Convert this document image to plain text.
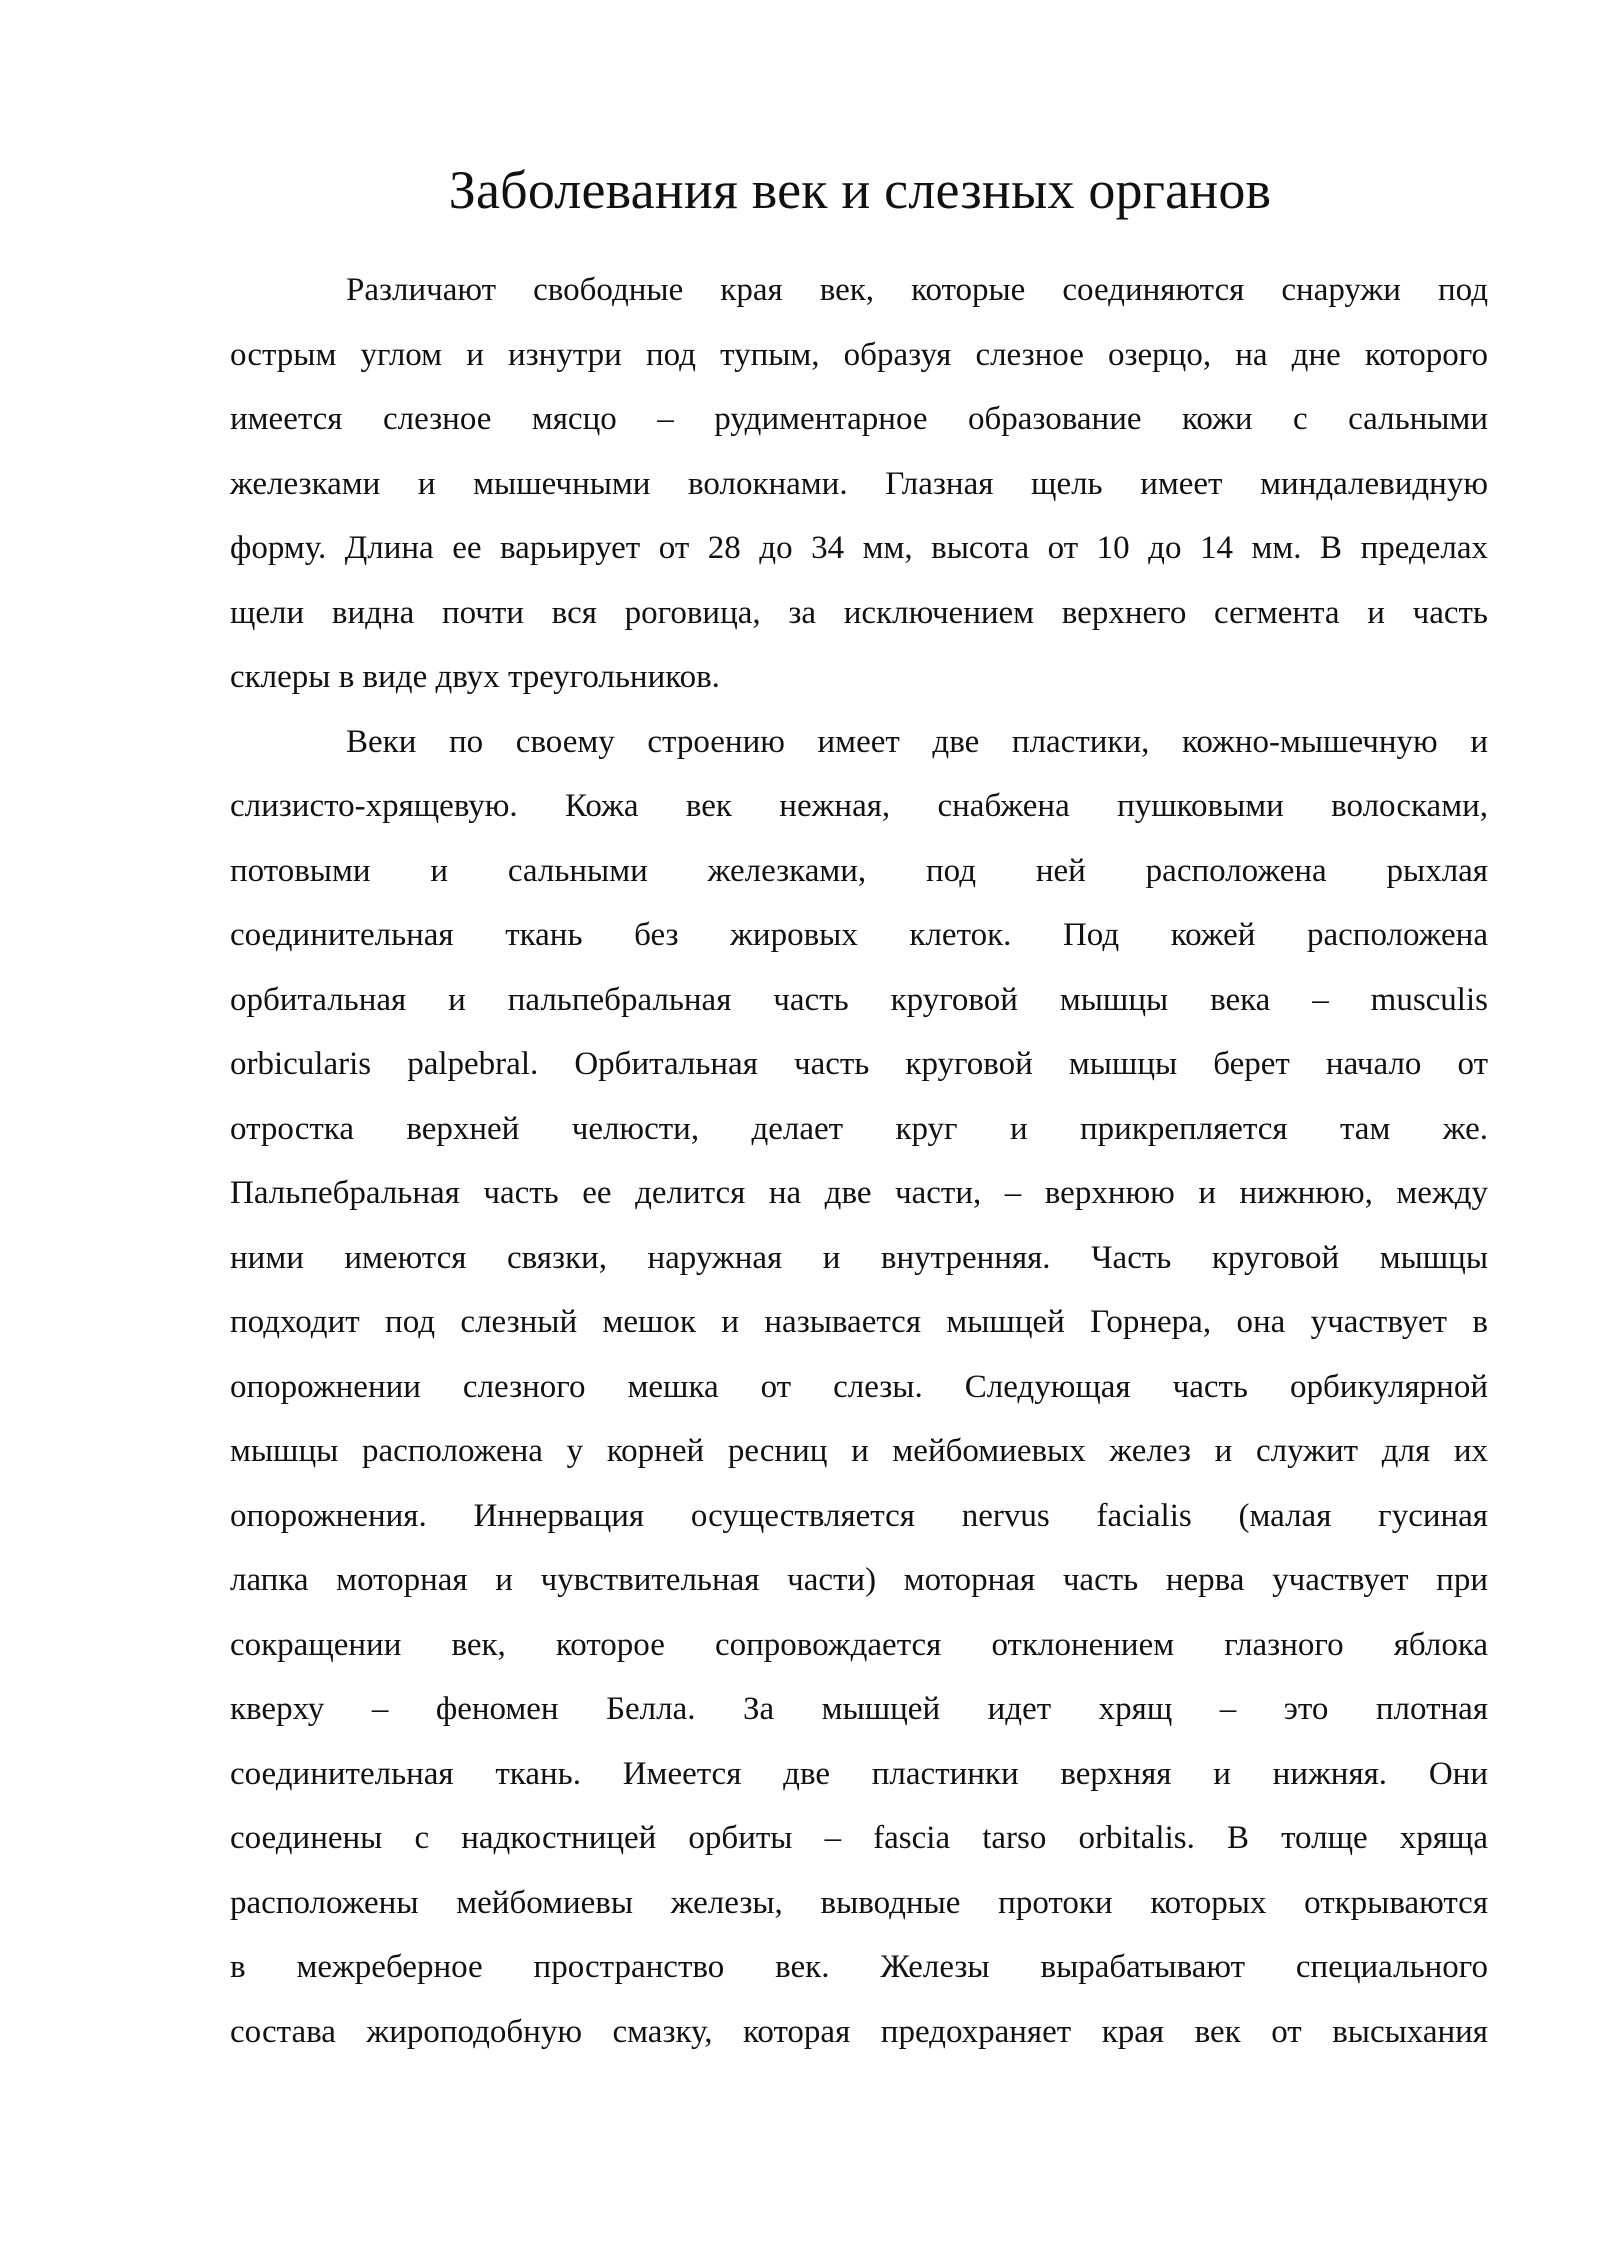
Заболевания век и слезных органов

Различают свободные края век, которые соединяются снаружи под
острым углом и изнутри под тупым, образуя слезное озерцо, на дне которого
имеется слезное мясцо – рудиментарное образование кожи с сальными
железками и мышечными волокнами. Глазная щель имеет миндалевидную
форму. Длина ее варьирует от 28 до 34 мм, высота от 10 до 14 мм. В пределах
щели видна почти вся роговица, за исключением верхнего сегмента и часть
склеры в виде двух треугольников.

Веки по своему строению имеет две пластики, кожно-мышечную и
слизисто-хрящевую. Кожа век нежная, снабжена пушковыми волосками,
потовыми и сальными железками, под ней расположена рыхлая
соединительная ткань без жировых клеток. Под кожей расположена
орбитальная и пальпебральная часть круговой мышцы века – musculis
orbicularis palpebral. Орбитальная часть круговой мышцы берет начало от
отростка верхней челюсти, делает круг и прикрепляется там же.
Пальпебральная часть ее делится на две части, – верхнюю и нижнюю, между
ними имеются связки, наружная и внутренняя. Часть круговой мышцы
подходит под слезный мешок и называется мышцей Горнера, она участвует в
опорожнении слезного мешка от слезы. Следующая часть орбикулярной
мышцы расположена у корней ресниц и мейбомиевых желез и служит для их
опорожнения. Иннервация осуществляется nervus facialis (малая гусиная
лапка моторная и чувствительная части) моторная часть нерва участвует при
сокращении век, которое сопровождается отклонением глазного яблока
кверху – феномен Белла. За мышцей идет хрящ – это плотная
соединительная ткань. Имеется две пластинки верхняя и нижняя. Они
соединены с надкостницей орбиты – fascia tarso orbitalis. В толще хряща
расположены мейбомиевы железы, выводные протоки которых открываются
в межреберное пространство век. Железы вырабатывают специального
состава жироподобную смазку, которая предохраняет края век от высыхания
